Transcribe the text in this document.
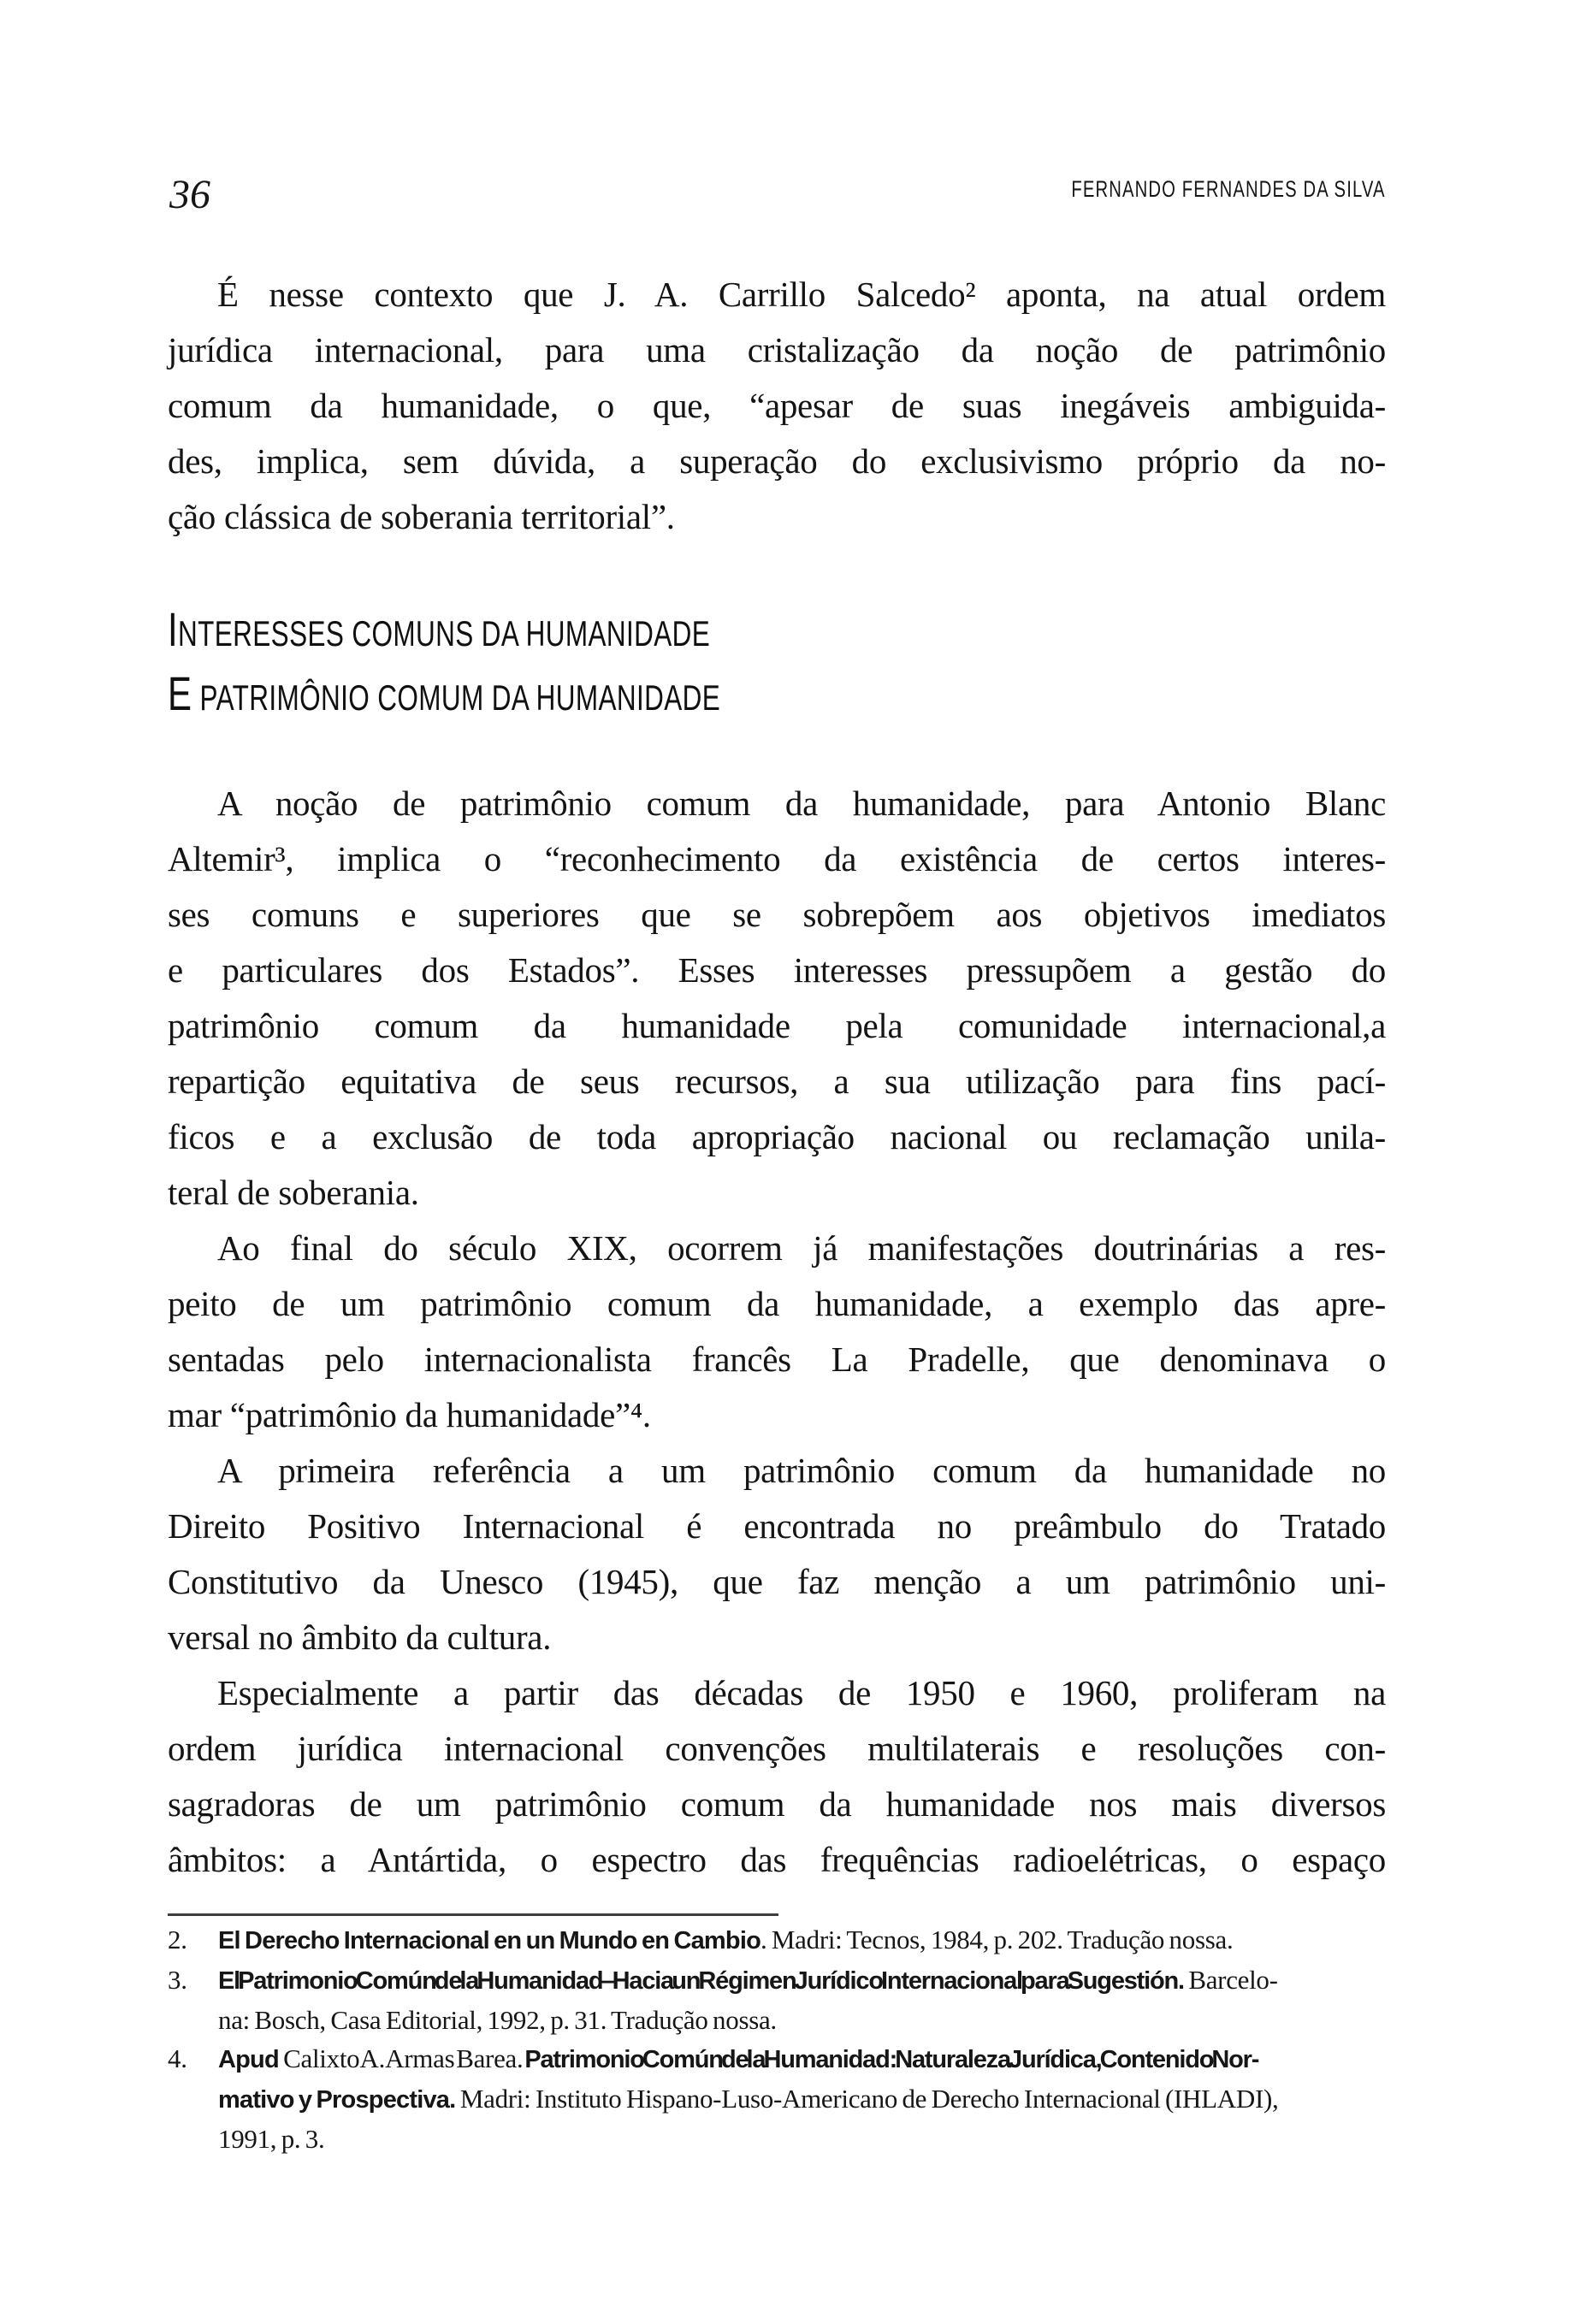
36	FERNANDO FERNANDES DA SILVA
É nesse contexto que J. A. Carrillo Salcedo² aponta, na atual ordem
jurídica internacional, para uma cristalização da noção de patrimônio
comum da humanidade, o que, “apesar de suas inegáveis ambiguida-
des, implica, sem dúvida, a superação do exclusivismo próprio da no-
ção clássica de soberania territorial”.
INTERESSES COMUNS DA HUMANIDADE
E PATRIMÔNIO COMUM DA HUMANIDADE
A noção de patrimônio comum da humanidade, para Antonio Blanc
Altemir³, implica o “reconhecimento da existência de certos interes-
ses comuns e superiores que se sobrepõem aos objetivos imediatos
e particulares dos Estados”. Esses interesses pressupõem a gestão do
patrimônio comum da humanidade pela comunidade internacional,a
repartição equitativa de seus recursos, a sua utilização para fins pací-
ficos e a exclusão de toda apropriação nacional ou reclamação unila-
teral de soberania.
Ao final do século XIX, ocorrem já manifestações doutrinárias a res-
peito de um patrimônio comum da humanidade, a exemplo das apre-
sentadas pelo internacionalista francês La Pradelle, que denominava o
mar “patrimônio da humanidade”⁴.
A primeira referência a um patrimônio comum da humanidade no
Direito Positivo Internacional é encontrada no preâmbulo do Tratado
Constitutivo da Unesco (1945), que faz menção a um patrimônio uni-
versal no âmbito da cultura.
Especialmente a partir das décadas de 1950 e 1960, proliferam na
ordem jurídica internacional convenções multilaterais e resoluções con-
sagradoras de um patrimônio comum da humanidade nos mais diversos
âmbitos: a Antártida, o espectro das frequências radioelétricas, o espaço
2.	El Derecho Internacional en un Mundo en Cambio. Madri: Tecnos, 1984, p. 202. Tradução nossa.
3.	El Patrimonio Común de la Humanidad – Hacia un Régimen Jurídico Internacional para Sugestión. Barcelo-
na: Bosch, Casa Editorial, 1992, p. 31. Tradução nossa.
4.	Apud Calixto A. Armas Barea. Patrimonio Común de la Humanidad: Naturaleza Jurídica, Contenido Nor-
mativo y Prospectiva. Madri: Instituto Hispano-Luso-Americano de Derecho Internacional (IHLADI),
1991, p. 3.
